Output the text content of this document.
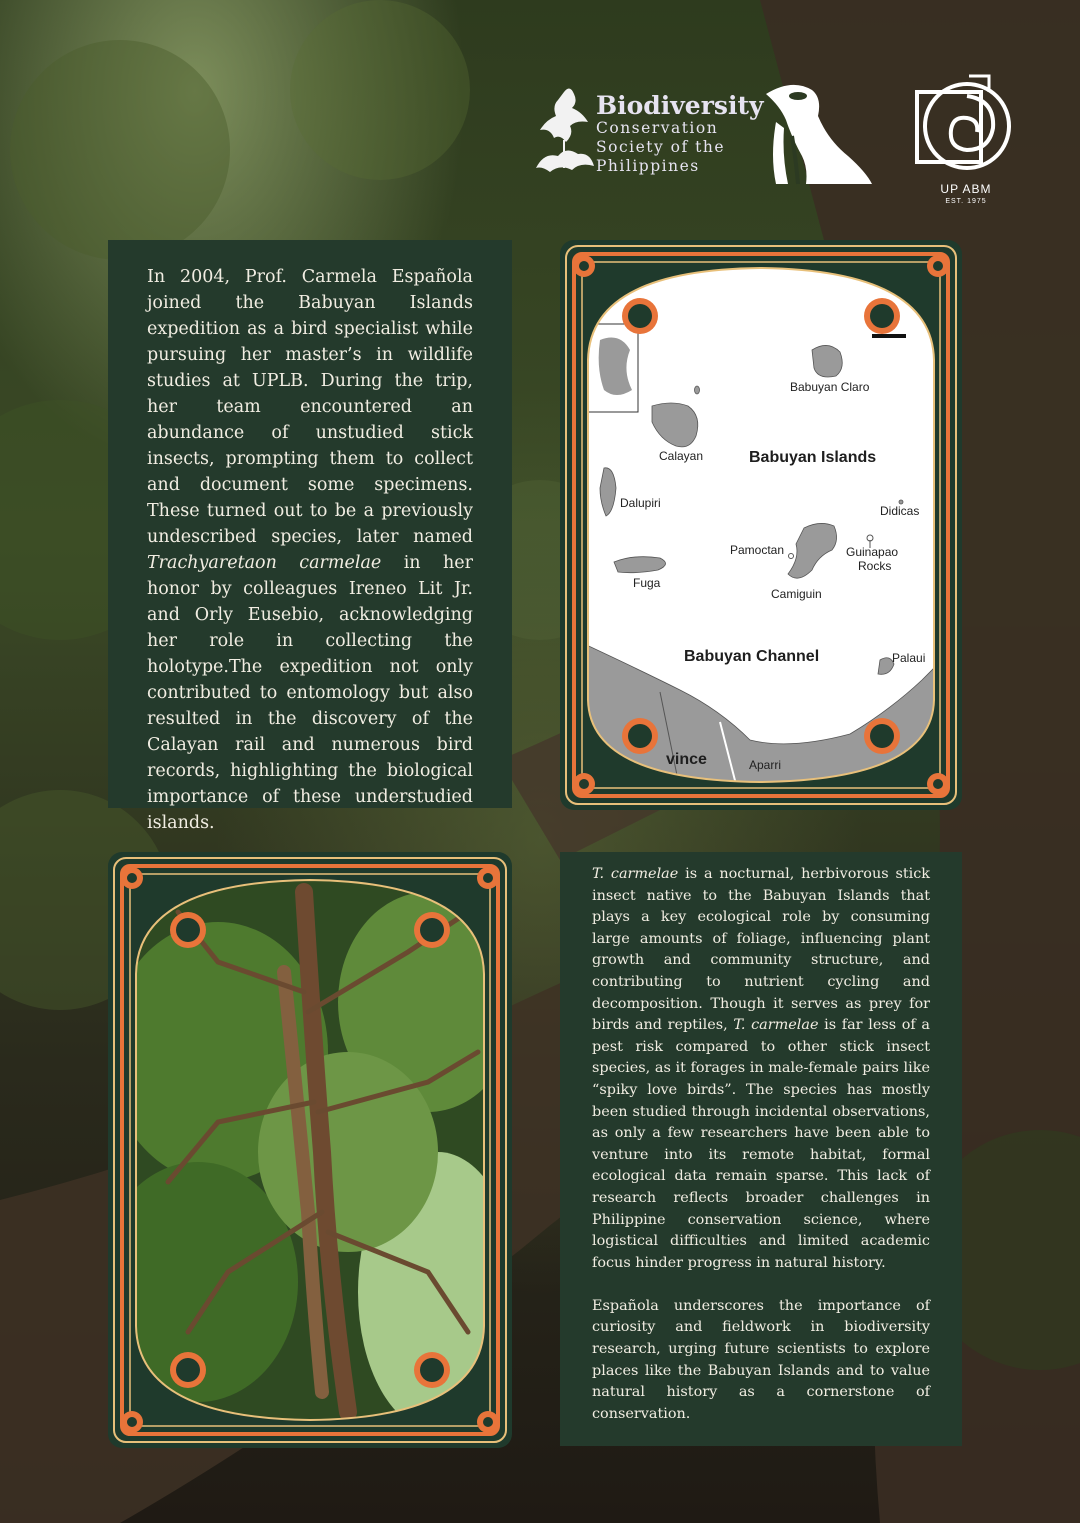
Biodiversity
Conservation
Society of the
Philippines
UP ABM
EST. 1975

In 2004, Prof. Carmela Española joined the Babuyan Islands expedition as a bird specialist while pursuing her master’s in wildlife studies at UPLB. During the trip, her team encountered an abundance of unstudied stick insects, prompting them to collect and document some specimens. These turned out to be a previously undescribed species, later named Trachyaretaon carmelae in her honor by colleagues Ireneo Lit Jr. and Orly Eusebio, acknowledging her role in collecting the holotype.The expedition not only contributed to entomology but also resulted in the discovery of the Calayan rail and numerous bird records, highlighting the biological importance of these understudied islands.

Babuyan Claro
Calayan	Babuyan Islands
Dalupiri
Didicas
Pamoctan	Guinapao
Rocks
Fuga
Camiguin
Babuyan Channel	Palaui
vince	Aparri

T. carmelae is a nocturnal, herbivorous stick insect native to the Babuyan Islands that plays a key ecological role by consuming large amounts of foliage, influencing plant growth and community structure, and contributing to nutrient cycling and decomposition. Though it serves as prey for birds and reptiles, T. carmelae is far less of a pest risk compared to other stick insect species, as it forages in male-female pairs like “spiky love birds”. The species has mostly been studied through incidental observations, as only a few researchers have been able to venture into its remote habitat, formal ecological data remain sparse. This lack of research reflects broader challenges in Philippine conservation science, where logistical difficulties and limited academic focus hinder progress in natural history.

Española underscores the importance of curiosity and fieldwork in biodiversity research, urging future scientists to explore places like the Babuyan Islands and to value natural history as a cornerstone of conservation.
